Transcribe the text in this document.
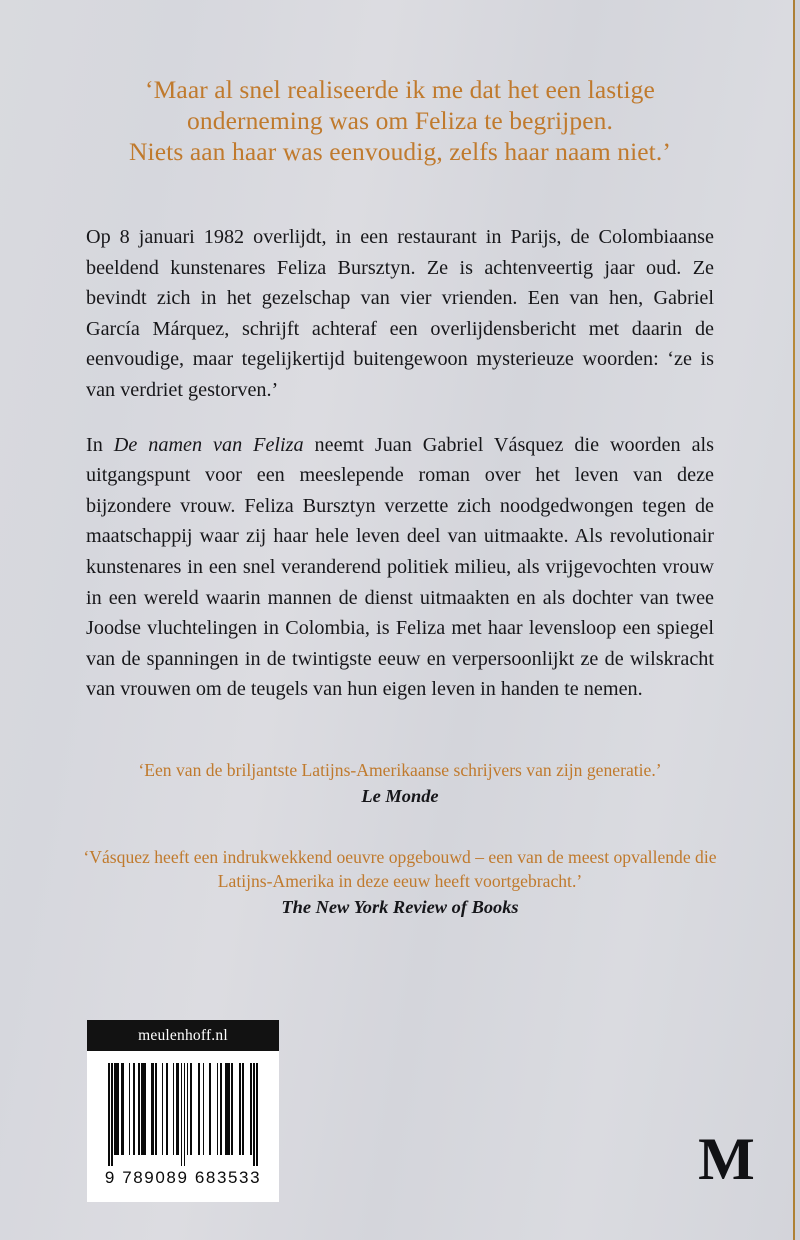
‘Maar al snel realiseerde ik me dat het een lastige
onderneming was om Feliza te begrijpen.
Niets aan haar was eenvoudig, zelfs haar naam niet.’

Op 8 januari 1982 overlijdt, in een restaurant in Parijs, de Colombiaanse beeldend kunstenares Feliza Bursztyn. Ze is achtenveertig jaar oud. Ze bevindt zich in het gezelschap van vier vrienden. Een van hen, Gabriel García Márquez, schrijft achteraf een overlijdensbericht met daarin de eenvoudige, maar tegelijkertijd buitengewoon mysterieuze woorden: ‘ze is van verdriet gestorven.’

In De namen van Feliza neemt Juan Gabriel Vásquez die woorden als uitgangspunt voor een meeslepende roman over het leven van deze bijzondere vrouw. Feliza Bursztyn verzette zich noodgedwongen tegen de maatschappij waar zij haar hele leven deel van uitmaakte. Als revolutionair kunstenares in een snel veranderend politiek milieu, als vrijgevochten vrouw in een wereld waarin mannen de dienst uitmaakten en als dochter van twee Joodse vluchtelingen in Colombia, is Feliza met haar levensloop een spiegel van de spanningen in de twintigste eeuw en verpersoonlijkt ze de wilskracht van vrouwen om de teugels van hun eigen leven in handen te nemen.

‘Een van de briljantste Latijns-Amerikaanse schrijvers van zijn generatie.’
Le Monde
‘Vásquez heeft een indrukwekkend oeuvre opgebouwd – een van de meest opvallende die Latijns-Amerika in deze eeuw heeft voortgebracht.’
The New York Review of Books
meulenhoff.nl
9 789089 683533	M
